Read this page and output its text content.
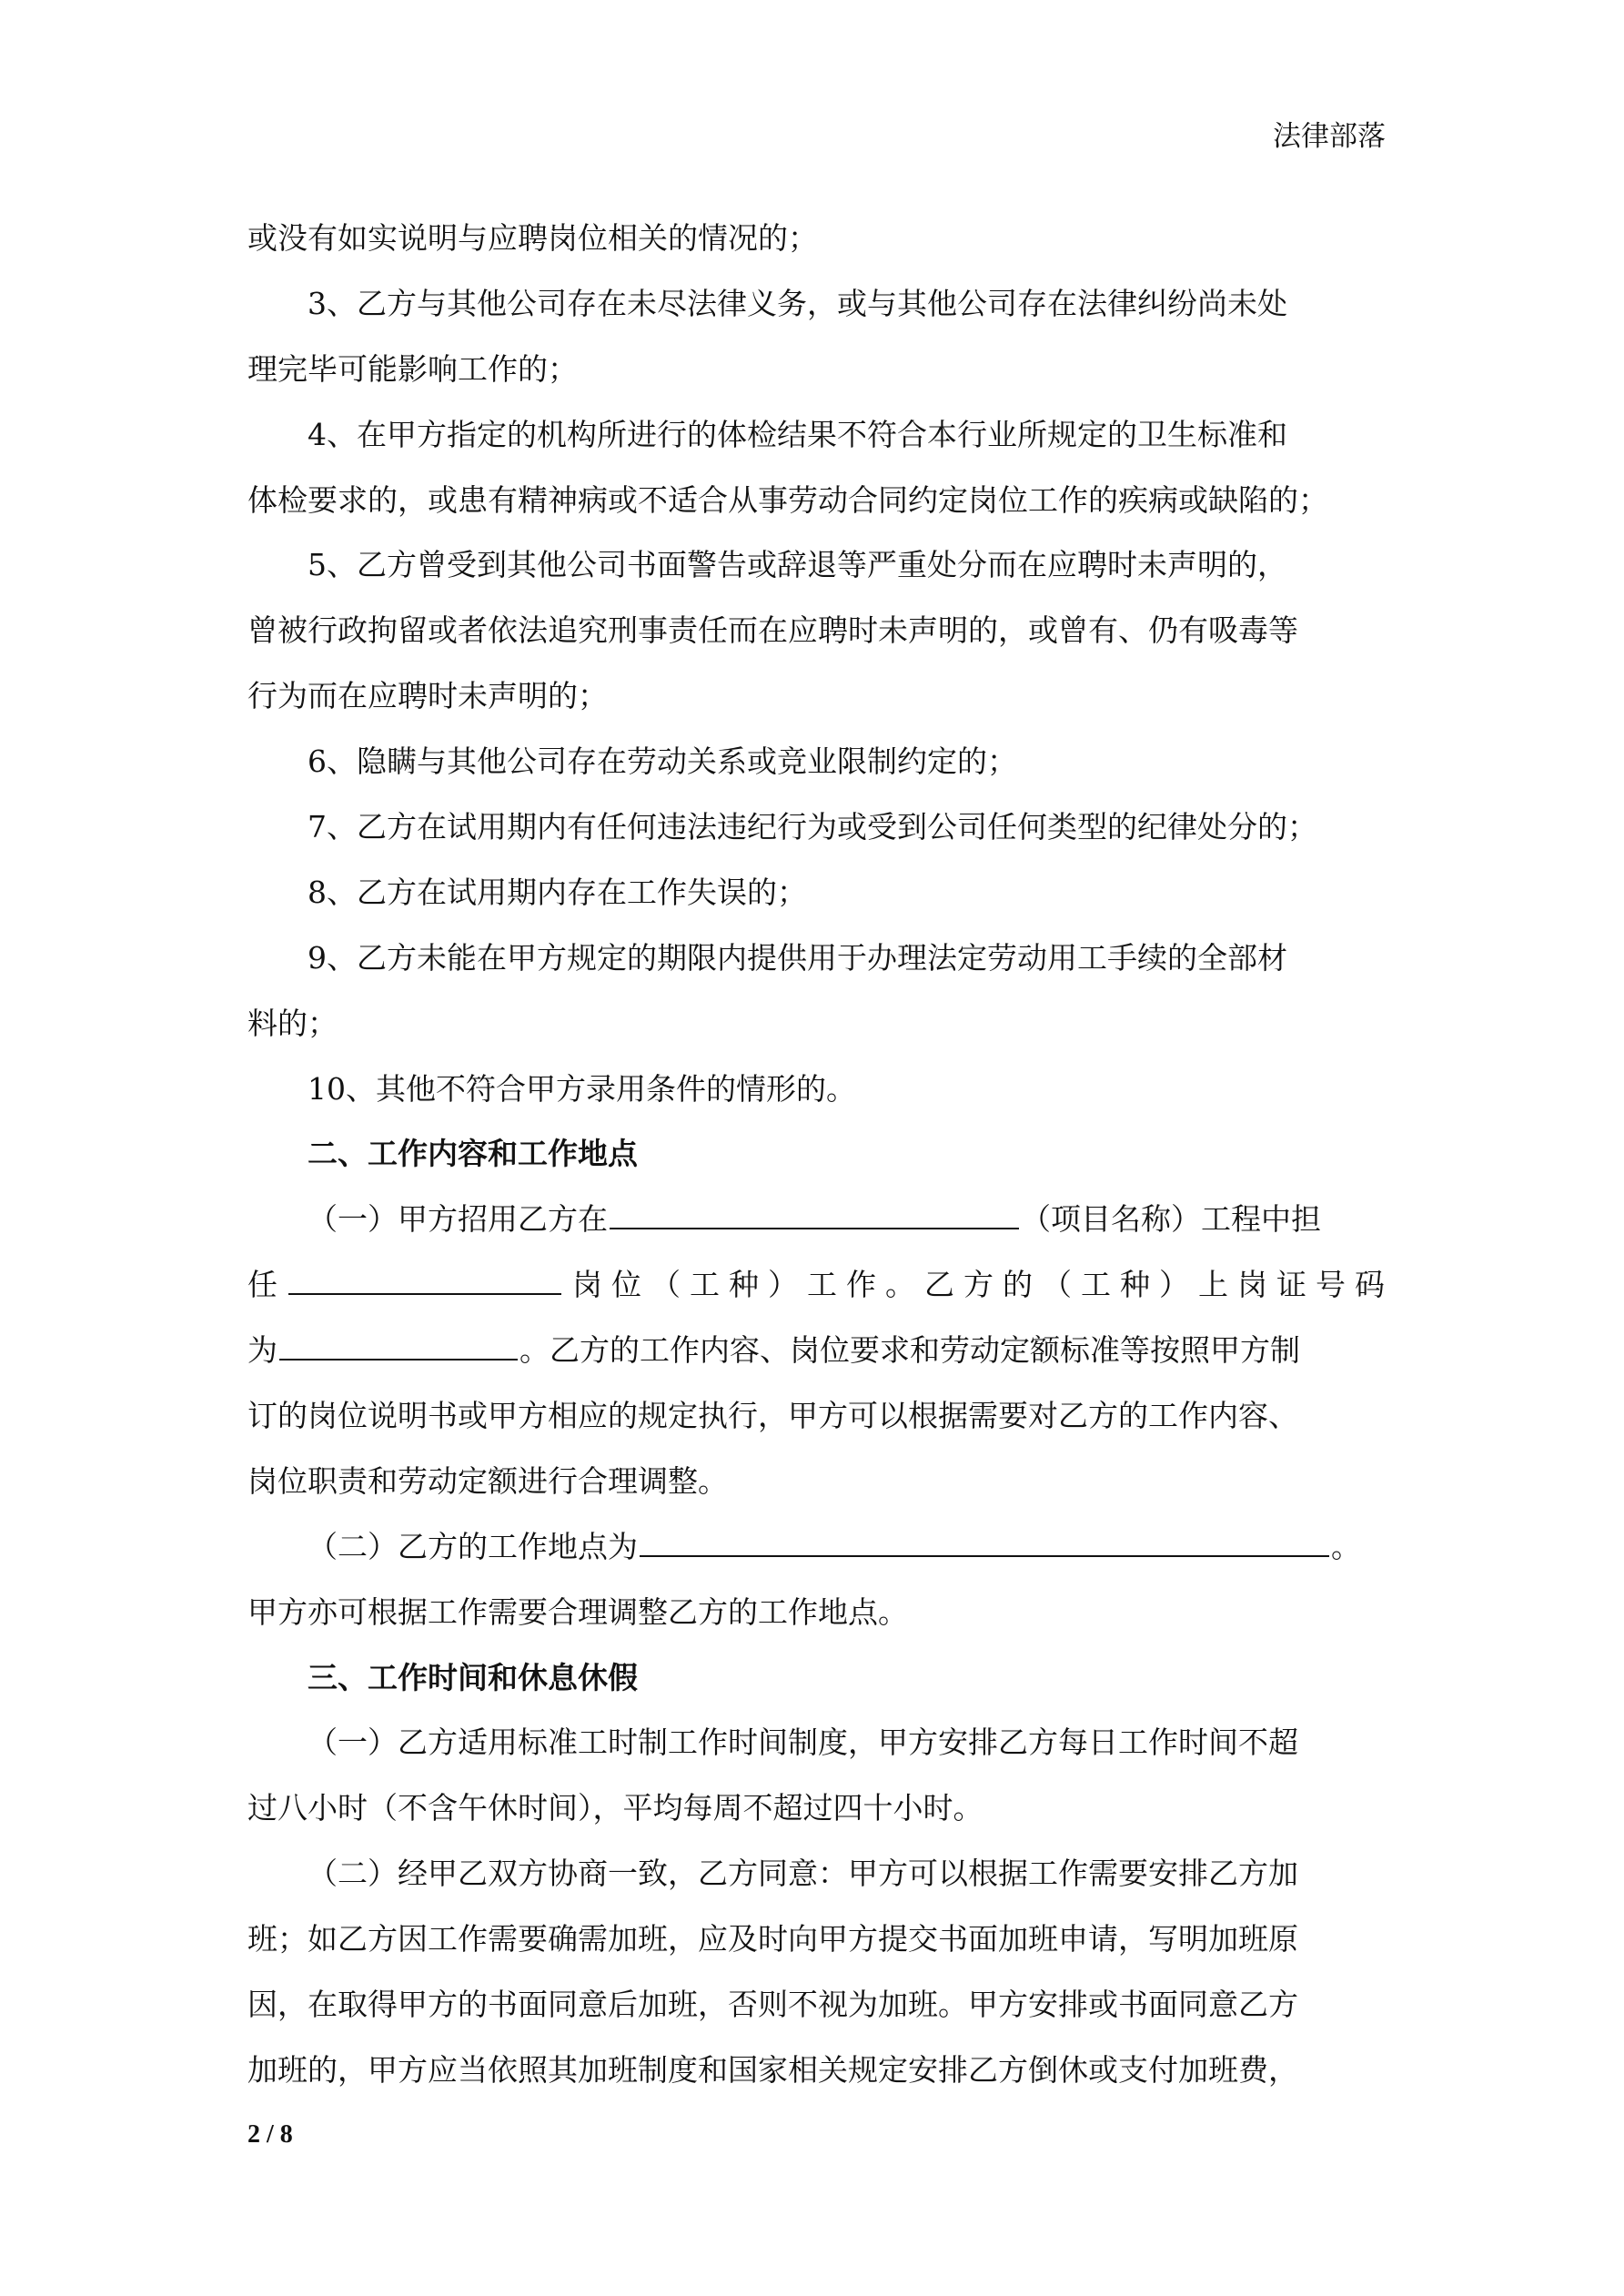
法律部落
或没有如实说明与应聘岗位相关的情况的；
3、乙方与其他公司存在未尽法律义务，或与其他公司存在法律纠纷尚未处
理完毕可能影响工作的；
4、在甲方指定的机构所进行的体检结果不符合本行业所规定的卫生标准和
体检要求的，或患有精神病或不适合从事劳动合同约定岗位工作的疾病或缺陷的；
5、乙方曾受到其他公司书面警告或辞退等严重处分而在应聘时未声明的，
曾被行政拘留或者依法追究刑事责任而在应聘时未声明的，或曾有、仍有吸毒等
行为而在应聘时未声明的；
6、隐瞒与其他公司存在劳动关系或竞业限制约定的；
7、乙方在试用期内有任何违法违纪行为或受到公司任何类型的纪律处分的；
8、乙方在试用期内存在工作失误的；
9、乙方未能在甲方规定的期限内提供用于办理法定劳动用工手续的全部材
料的；
10、其他不符合甲方录用条件的情形的。
二、工作内容和工作地点
（一）甲方招用乙方在	（项目名称）工程中担
任	岗位（工种）工作。乙方的（工种）上岗证号码
为	。乙方的工作内容、岗位要求和劳动定额标准等按照甲方制
订的岗位说明书或甲方相应的规定执行，甲方可以根据需要对乙方的工作内容、
岗位职责和劳动定额进行合理调整。
（二）乙方的工作地点为	。
甲方亦可根据工作需要合理调整乙方的工作地点。
三、工作时间和休息休假
（一）乙方适用标准工时制工作时间制度，甲方安排乙方每日工作时间不超
过八小时（不含午休时间），平均每周不超过四十小时。
（二）经甲乙双方协商一致，乙方同意：甲方可以根据工作需要安排乙方加
班；如乙方因工作需要确需加班，应及时向甲方提交书面加班申请，写明加班原
因，在取得甲方的书面同意后加班，否则不视为加班。甲方安排或书面同意乙方
加班的，甲方应当依照其加班制度和国家相关规定安排乙方倒休或支付加班费，
2 / 8
